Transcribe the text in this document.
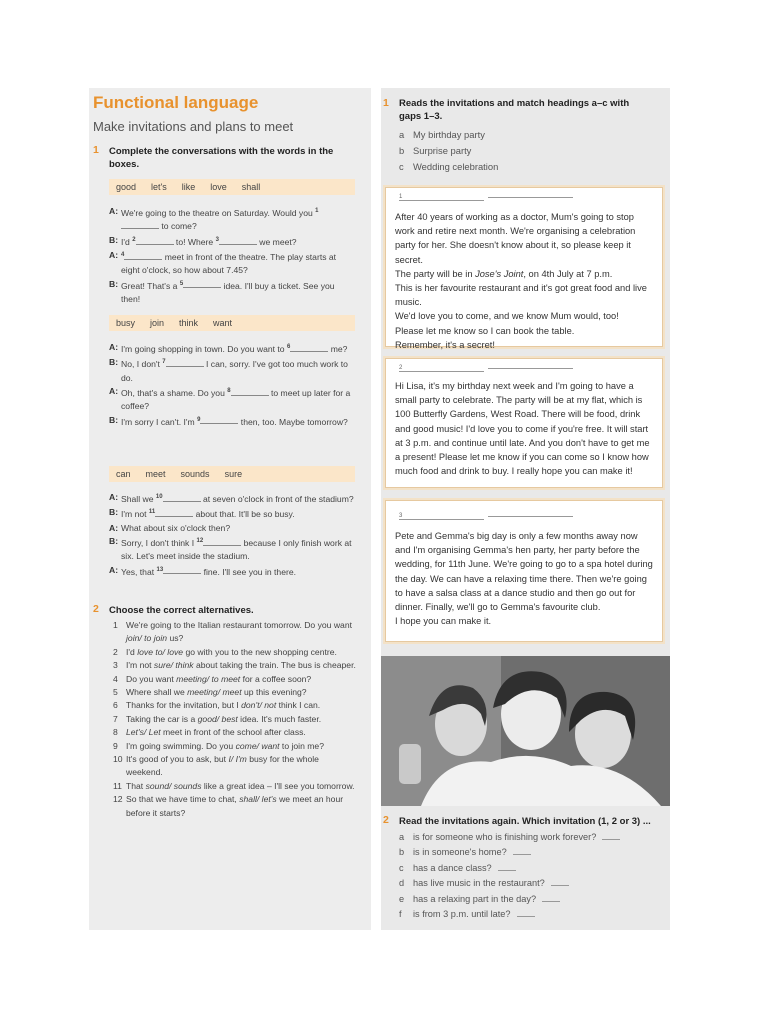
Functional language
Make invitations and plans to meet
1 Complete the conversations with the words in the boxes.
good let's like love shall
A: We're going to the theatre on Saturday. Would you $^1$ to come?
B: I'd $^2$	to! Where $^3$	we meet?
A: $^4$	meet in front of the theatre. The play starts at eight o'clock, so how about 7.45?
B: Great! That's a $^5$	idea. I'll buy a ticket. See you then!
busy join think want
A: I'm going shopping in town. Do you want to $^6$	me?
B: No, I don't $^7$	I can, sorry. I've got too much work to do.
A: Oh, that's a shame. Do you $^8$	to meet up later for a coffee?
B: I'm sorry I can't. I'm $^9$	then, too. Maybe tomorrow?
can meet sounds sure
A: Shall we $^{10}$	at seven o'clock in front of the stadium?
B: I'm not $^{11}$	about that. It'll be so busy.
A: What about six o'clock then?
B: Sorry, I don't think I $^{12}$	because I only finish work at six. Let's meet inside the stadium.
A: Yes, that $^{13}$	fine. I'll see you in there.
2 Choose the correct alternatives.
1 We're going to the Italian restaurant tomorrow. Do you want join/ to join us?
2 I'd love to/ love go with you to the new shopping centre.
3 I'm not sure/ think about taking the train. The bus is cheaper.
4 Do you want meeting/ to meet for a coffee soon?
5 Where shall we meeting/ meet up this evening?
6 Thanks for the invitation, but I don't/ not think I can.
7 Taking the car is a good/ best idea. It's much faster.
8 Let's/ Let meet in front of the school after class.
9 I'm going swimming. Do you come/ want to join me?
10 It's good of you to ask, but I/ I'm busy for the whole weekend.
11 That sound/ sounds like a great idea – I'll see you tomorrow.
12 So that we have time to chat, shall/ let's we meet an hour before it starts?
1 Reads the invitations and match headings a–c with gaps 1–3.
a My birthday party
b Surprise party
c Wedding celebration
1
After 40 years of working as a doctor, Mum's going to stop work and retire next month. We're organising a celebration party for her. She doesn't know about it, so please keep it secret.
The party will be in Jose's Joint, on 4th July at 7 p.m.
This is her favourite restaurant and it's got great food and live music.
We'd love you to come, and we know Mum would, too!
Please let me know so I can book the table.
Remember, it's a secret!
2
Hi Lisa, it's my birthday next week and I'm going to have a small party to celebrate. The party will be at my flat, which is 100 Butterfly Gardens, West Road. There will be food, drink and good music! I'd love you to come if you're free. It will start at 3 p.m. and continue until late. And you don't have to get me a present! Please let me know if you can come so I know how much food and drink to buy. I really hope you can make it!
3
Pete and Gemma's big day is only a few months away now and I'm organising Gemma's hen party, her party before the wedding, for 11th June. We're going to go to a spa hotel during the day. We can have a relaxing time there. Then we're going to have a salsa class at a dance studio and then go out for dinner. Finally, we'll go to Gemma's favourite club.
I hope you can make it.
2 Read the invitations again. Which invitation (1, 2 or 3) ...
a is for someone who is finishing work forever?
b is in someone's home?
c has a dance class?
d has live music in the restaurant?
e has a relaxing part in the day?
f is from 3 p.m. until late?
